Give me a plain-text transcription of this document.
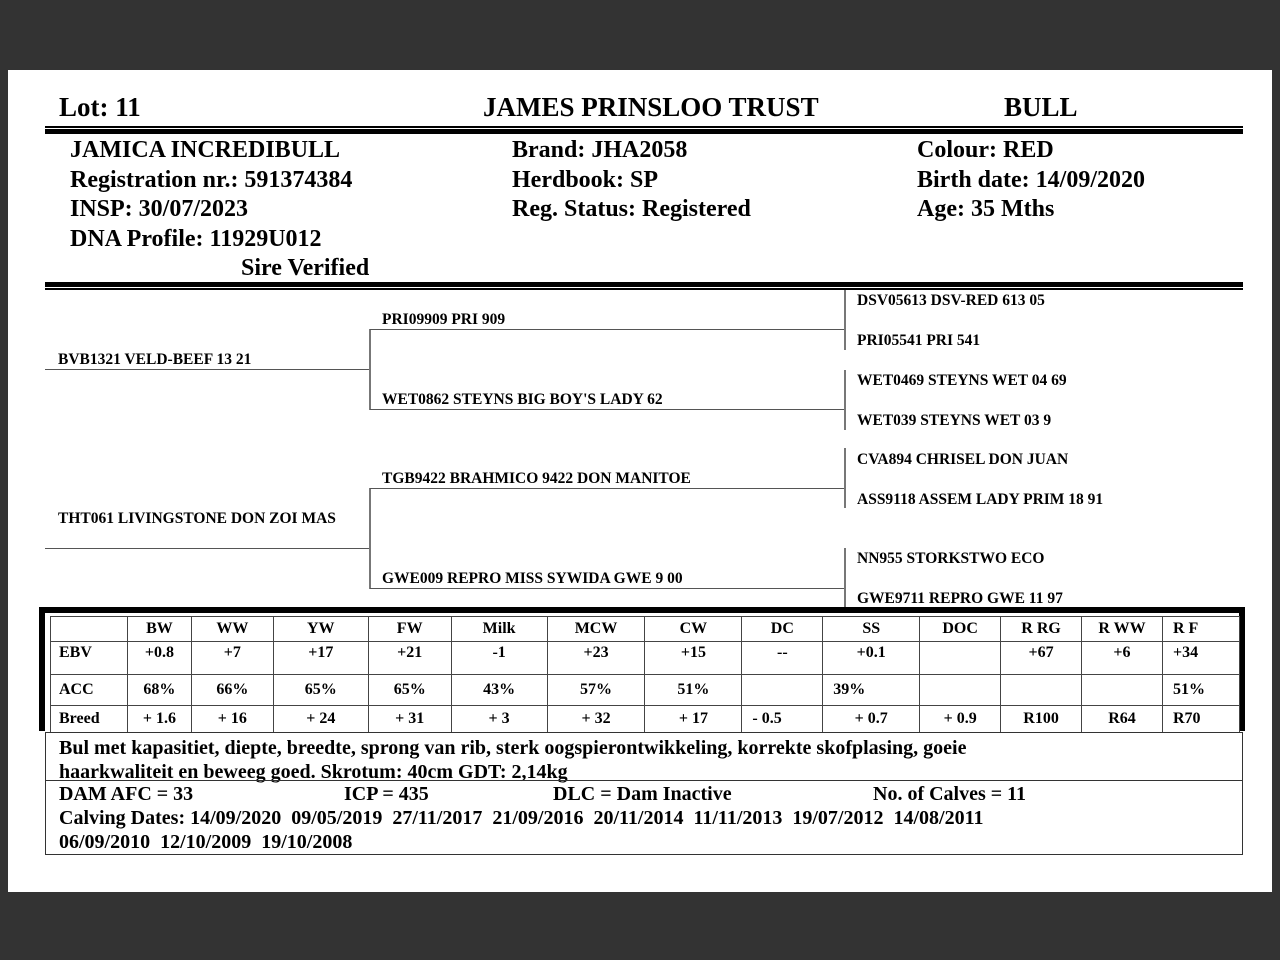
Lot: 11	JAMES PRINSLOO TRUST	BULL
JAMICA INCREDIBULL
Registration nr.: 591374384
INSP: 30/07/2023
DNA Profile: 11929U012
Sire Verified
Brand: JHA2058
Herdbook: SP
Reg. Status: Registered
Colour: RED
Birth date: 14/09/2020
Age: 35 Mths
BVB1321 VELD-BEEF 13 21
THT061 LIVINGSTONE DON ZOI MAS
PRI09909 PRI 909
WET0862 STEYNS BIG BOY'S LADY 62
TGB9422 BRAHMICO 9422 DON MANITOE
GWE009 REPRO MISS SYWIDA GWE 9 00
DSV05613 DSV-RED 613 05
PRI05541 PRI 541
WET0469 STEYNS WET 04 69
WET039 STEYNS WET 03 9
CVA894 CHRISEL DON JUAN
ASS9118 ASSEM LADY PRIM 18 91
NN955 STORKSTWO ECO
GWE9711 REPRO GWE 11 97
	BW	WW	YW	FW	Milk	MCW	CW	DC	SS	DOC	R RG	R WW	R F
EBV	+0.8	+7	+17	+21	-1	+23	+15	--	+0.1		+67	+6	+34
ACC	68%	66%	65%	65%	43%	57%	51%		39%				51%
Breed	+ 1.6	+ 16	+ 24	+ 31	+ 3	+ 32	+ 17	- 0.5	+ 0.7	+ 0.9	R100	R64	R70
Bul met kapasitiet, diepte, breedte, sprong van rib, sterk oogspierontwikkeling, korrekte skofplasing, goeie
haarkwaliteit en beweeg goed. Skrotum: 40cm GDT: 2,14kg
DAM AFC = 33	ICP = 435	DLC = Dam Inactive	No. of Calves = 11
Calving Dates: 14/09/2020  09/05/2019  27/11/2017  21/09/2016  20/11/2014  11/11/2013  19/07/2012  14/08/2011
06/09/2010  12/10/2009  19/10/2008
